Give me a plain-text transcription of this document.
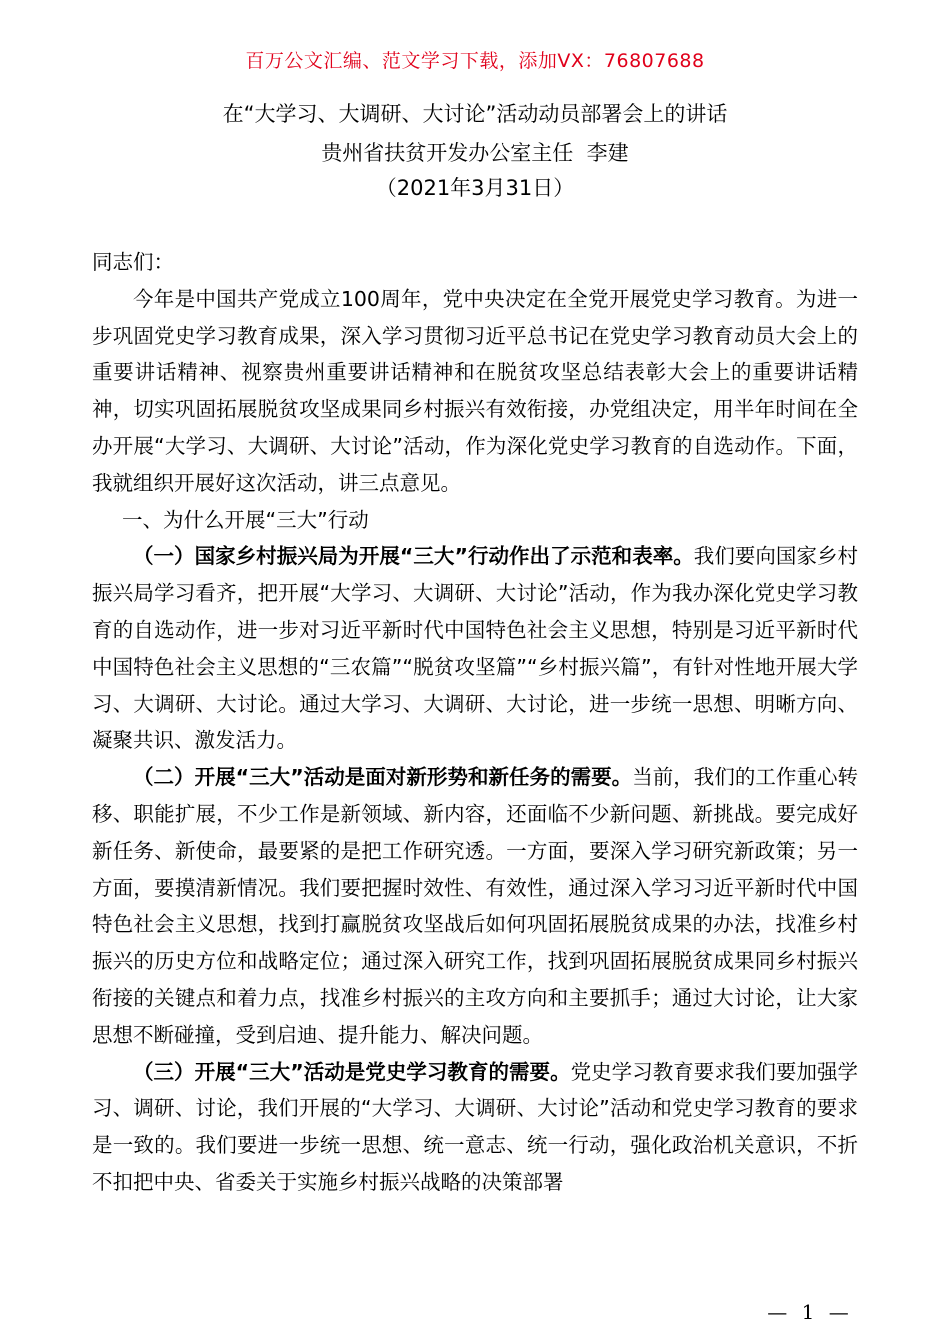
百万公文汇编、范文学习下载，添加VX：76807688
在“大学习、大调研、大讨论”活动动员部署会上的讲话
贵州省扶贫开发办公室主任  李建
（2021年3月31日）

同志们：

今年是中国共产党成立100周年，党中央决定在全党开展党史学习教育。为进一步巩固党史学习教育成果，深入学习贯彻习近平总书记在党史学习教育动员大会上的重要讲话精神、视察贵州重要讲话精神和在脱贫攻坚总结表彰大会上的重要讲话精神，切实巩固拓展脱贫攻坚成果同乡村振兴有效衔接，办党组决定，用半年时间在全办开展“大学习、大调研、大讨论”活动，作为深化党史学习教育的自选动作。下面，我就组织开展好这次活动，讲三点意见。

一、为什么开展“三大”行动

（一）国家乡村振兴局为开展“三大”行动作出了示范和表率。我们要向国家乡村振兴局学习看齐，把开展“大学习、大调研、大讨论”活动，作为我办深化党史学习教育的自选动作，进一步对习近平新时代中国特色社会主义思想，特别是习近平新时代中国特色社会主义思想的“三农篇”“脱贫攻坚篇”“乡村振兴篇”，有针对性地开展大学习、大调研、大讨论。通过大学习、大调研、大讨论，进一步统一思想、明晰方向、凝聚共识、激发活力。

（二）开展“三大”活动是面对新形势和新任务的需要。当前，我们的工作重心转移、职能扩展，不少工作是新领域、新内容，还面临不少新问题、新挑战。要完成好新任务、新使命，最要紧的是把工作研究透。一方面，要深入学习研究新政策；另一方面，要摸清新情况。我们要把握时效性、有效性，通过深入学习习近平新时代中国特色社会主义思想，找到打赢脱贫攻坚战后如何巩固拓展脱贫成果的办法，找准乡村振兴的历史方位和战略定位；通过深入研究工作，找到巩固拓展脱贫成果同乡村振兴衔接的关键点和着力点，找准乡村振兴的主攻方向和主要抓手；通过大讨论，让大家思想不断碰撞，受到启迪、提升能力、解决问题。

（三）开展“三大”活动是党史学习教育的需要。党史学习教育要求我们要加强学习、调研、讨论，我们开展的“大学习、大调研、大讨论”活动和党史学习教育的要求是一致的。我们要进一步统一思想、统一意志、统一行动，强化政治机关意识，不折不扣把中央、省委关于实施乡村振兴战略的决策部署

— 1 —
